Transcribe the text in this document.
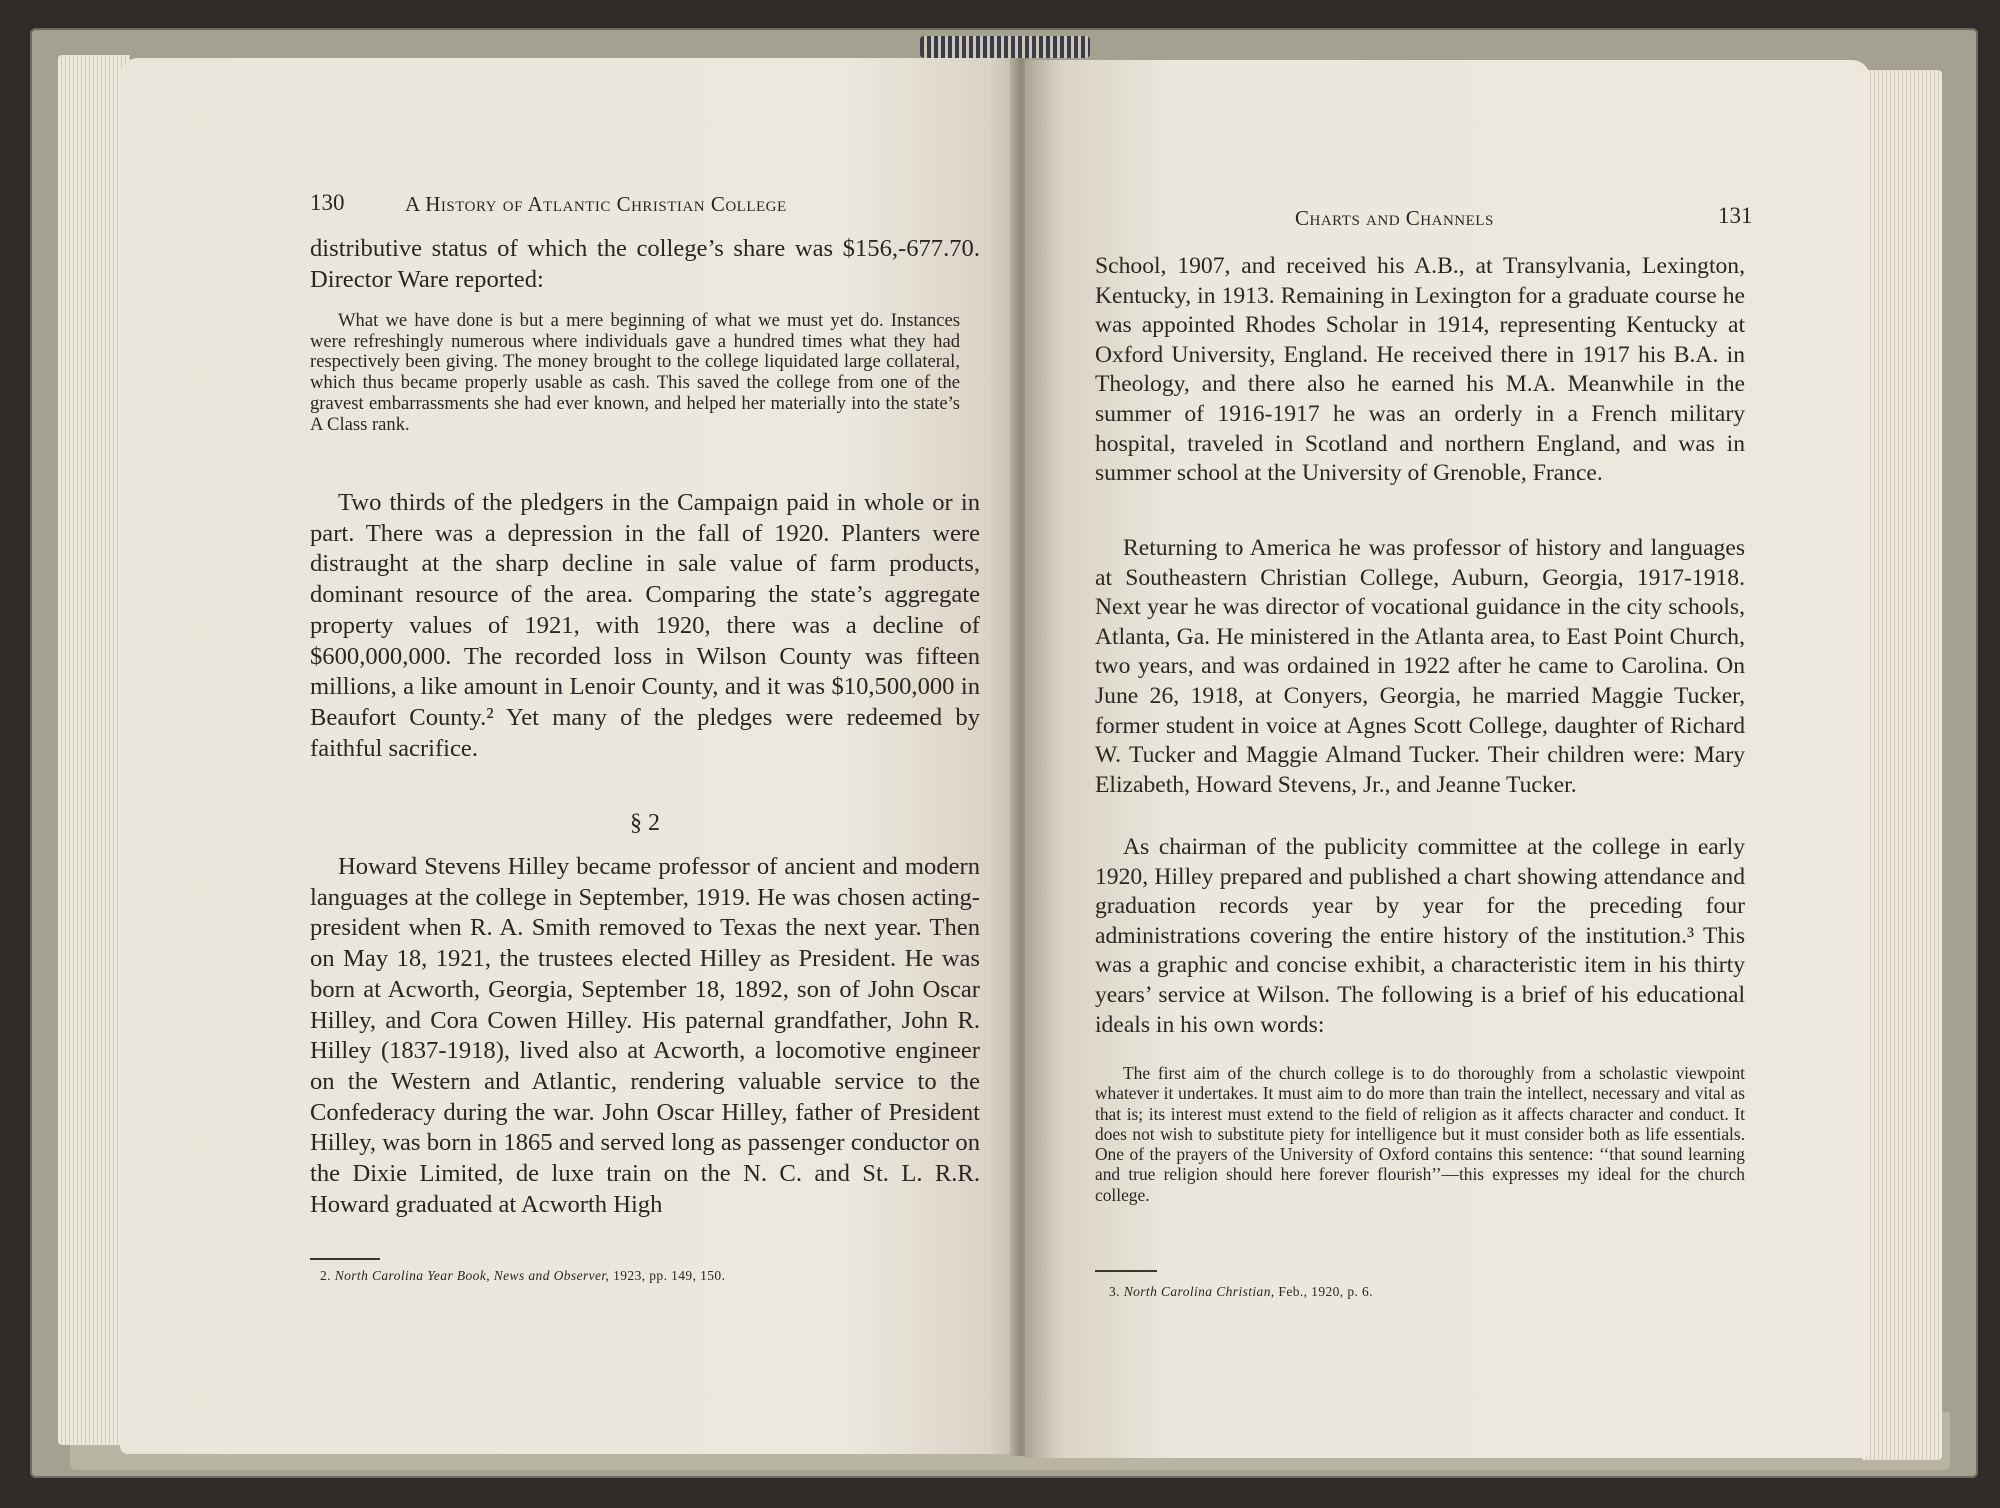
130	A History of Atlantic Christian College

distributive status of which the college’s share was $156,-677.70. Director Ware reported:

What we have done is but a mere beginning of what we must yet do. Instances were refreshingly numerous where individuals gave a hundred times what they had respectively been giving. The money brought to the college liquidated large collateral, which thus became properly usable as cash. This saved the college from one of the gravest embarrassments she had ever known, and helped her materially into the state’s A Class rank.

Two thirds of the pledgers in the Campaign paid in whole or in part. There was a depression in the fall of 1920. Planters were distraught at the sharp decline in sale value of farm products, dominant resource of the area. Comparing the state’s aggregate property values of 1921, with 1920, there was a decline of $600,000,000. The recorded loss in Wilson County was fifteen millions, a like amount in Lenoir County, and it was $10,500,000 in Beaufort County.² Yet many of the pledges were redeemed by faithful sacrifice.

§ 2

Howard Stevens Hilley became professor of ancient and modern languages at the college in September, 1919. He was chosen acting-president when R. A. Smith removed to Texas the next year. Then on May 18, 1921, the trustees elected Hilley as President. He was born at Acworth, Georgia, September 18, 1892, son of John Oscar Hilley, and Cora Cowen Hilley. His paternal grandfather, John R. Hilley (1837-1918), lived also at Acworth, a locomotive engineer on the Western and Atlantic, rendering valuable service to the Confederacy during the war. John Oscar Hilley, father of President Hilley, was born in 1865 and served long as passenger conductor on the Dixie Limited, de luxe train on the N. C. and St. L. R.R. Howard graduated at Acworth High

2. North Carolina Year Book, News and Observer, 1923, pp. 149, 150.
Charts and Channels	131

School, 1907, and received his A.B., at Transylvania, Lexington, Kentucky, in 1913. Remaining in Lexington for a graduate course he was appointed Rhodes Scholar in 1914, representing Kentucky at Oxford University, England. He received there in 1917 his B.A. in Theology, and there also he earned his M.A. Meanwhile in the summer of 1916-1917 he was an orderly in a French military hospital, traveled in Scotland and northern England, and was in summer school at the University of Grenoble, France.

Returning to America he was professor of history and languages at Southeastern Christian College, Auburn, Georgia, 1917-1918. Next year he was director of vocational guidance in the city schools, Atlanta, Ga. He ministered in the Atlanta area, to East Point Church, two years, and was ordained in 1922 after he came to Carolina. On June 26, 1918, at Conyers, Georgia, he married Maggie Tucker, former student in voice at Agnes Scott College, daughter of Richard W. Tucker and Maggie Almand Tucker. Their children were: Mary Elizabeth, Howard Stevens, Jr., and Jeanne Tucker.

As chairman of the publicity committee at the college in early 1920, Hilley prepared and published a chart showing attendance and graduation records year by year for the preceding four administrations covering the entire history of the institution.³ This was a graphic and concise exhibit, a characteristic item in his thirty years’ service at Wilson. The following is a brief of his educational ideals in his own words:

The first aim of the church college is to do thoroughly from a scholastic viewpoint whatever it undertakes. It must aim to do more than train the intellect, necessary and vital as that is; its interest must extend to the field of religion as it affects character and conduct. It does not wish to substitute piety for intelligence but it must consider both as life essentials. One of the prayers of the University of Oxford contains this sentence: ‘‘that sound learning and true religion should here forever flourish’’—this expresses my ideal for the church college.

3. North Carolina Christian, Feb., 1920, p. 6.
